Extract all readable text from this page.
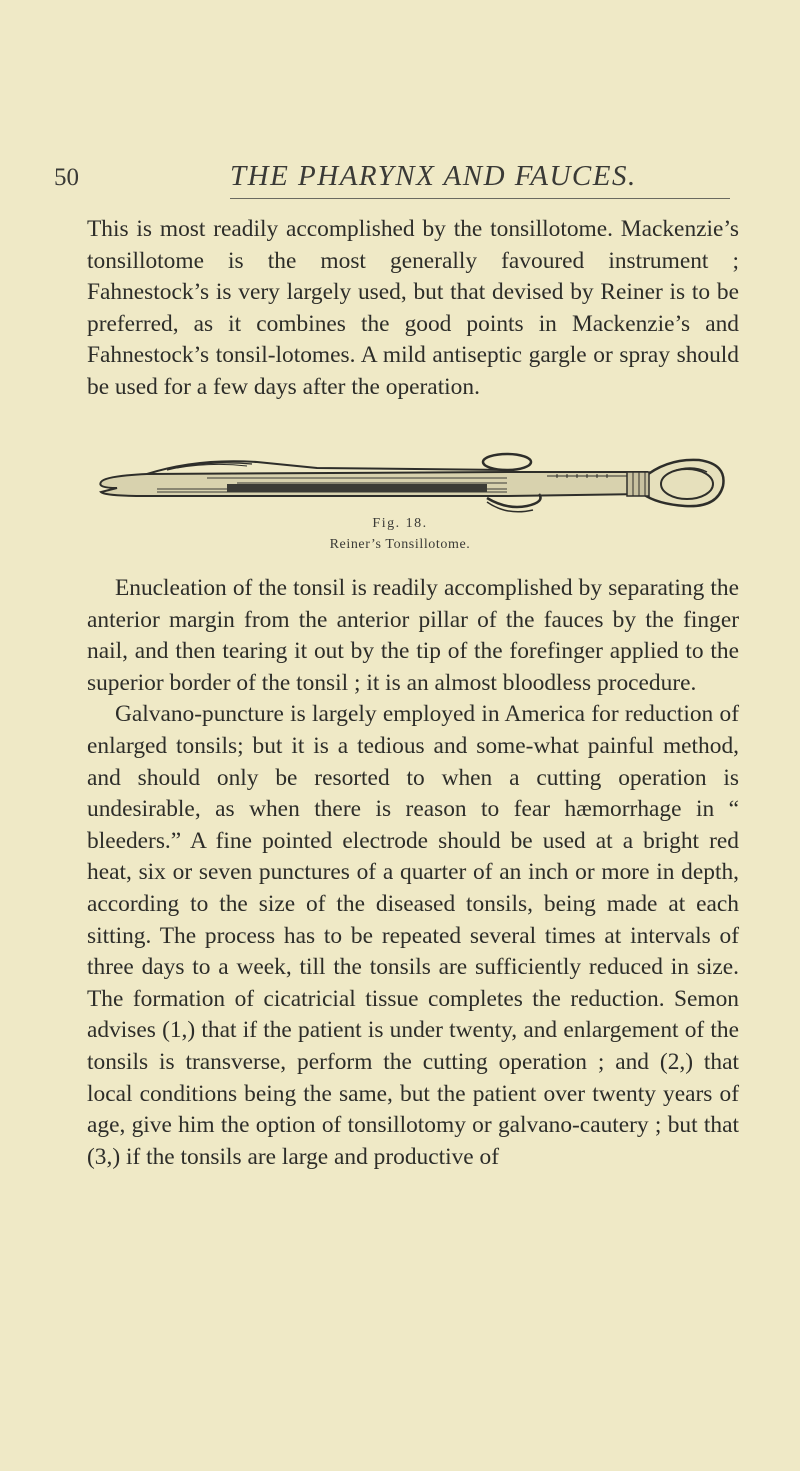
50	THE PHARYNX AND FAUCES.

This is most readily accomplished by the tonsillotome. Mackenzie’s tonsillotome is the most generally favoured instrument ; Fahnestock’s is very largely used, but that devised by Reiner is to be preferred, as it combines the good points in Mackenzie’s and Fahnestock’s tonsil-lotomes. A mild antiseptic gargle or spray should be used for a few days after the operation.

Fig. 18.
Reiner’s Tonsillotome.

Enucleation of the tonsil is readily accomplished by separating the anterior margin from the anterior pillar of the fauces by the finger nail, and then tearing it out by the tip of the forefinger applied to the superior border of the tonsil ; it is an almost bloodless procedure.

Galvano-puncture is largely employed in America for reduction of enlarged tonsils; but it is a tedious and some-what painful method, and should only be resorted to when a cutting operation is undesirable, as when there is reason to fear hæmorrhage in “ bleeders.” A fine pointed electrode should be used at a bright red heat, six or seven punctures of a quarter of an inch or more in depth, according to the size of the diseased tonsils, being made at each sitting. The process has to be repeated several times at intervals of three days to a week, till the tonsils are sufficiently reduced in size. The formation of cicatricial tissue completes the reduction. Semon advises (1,) that if the patient is under twenty, and enlargement of the tonsils is transverse, perform the cutting operation ; and (2,) that local conditions being the same, but the patient over twenty years of age, give him the option of tonsillotomy or galvano-cautery ; but that (3,) if the tonsils are large and productive of
